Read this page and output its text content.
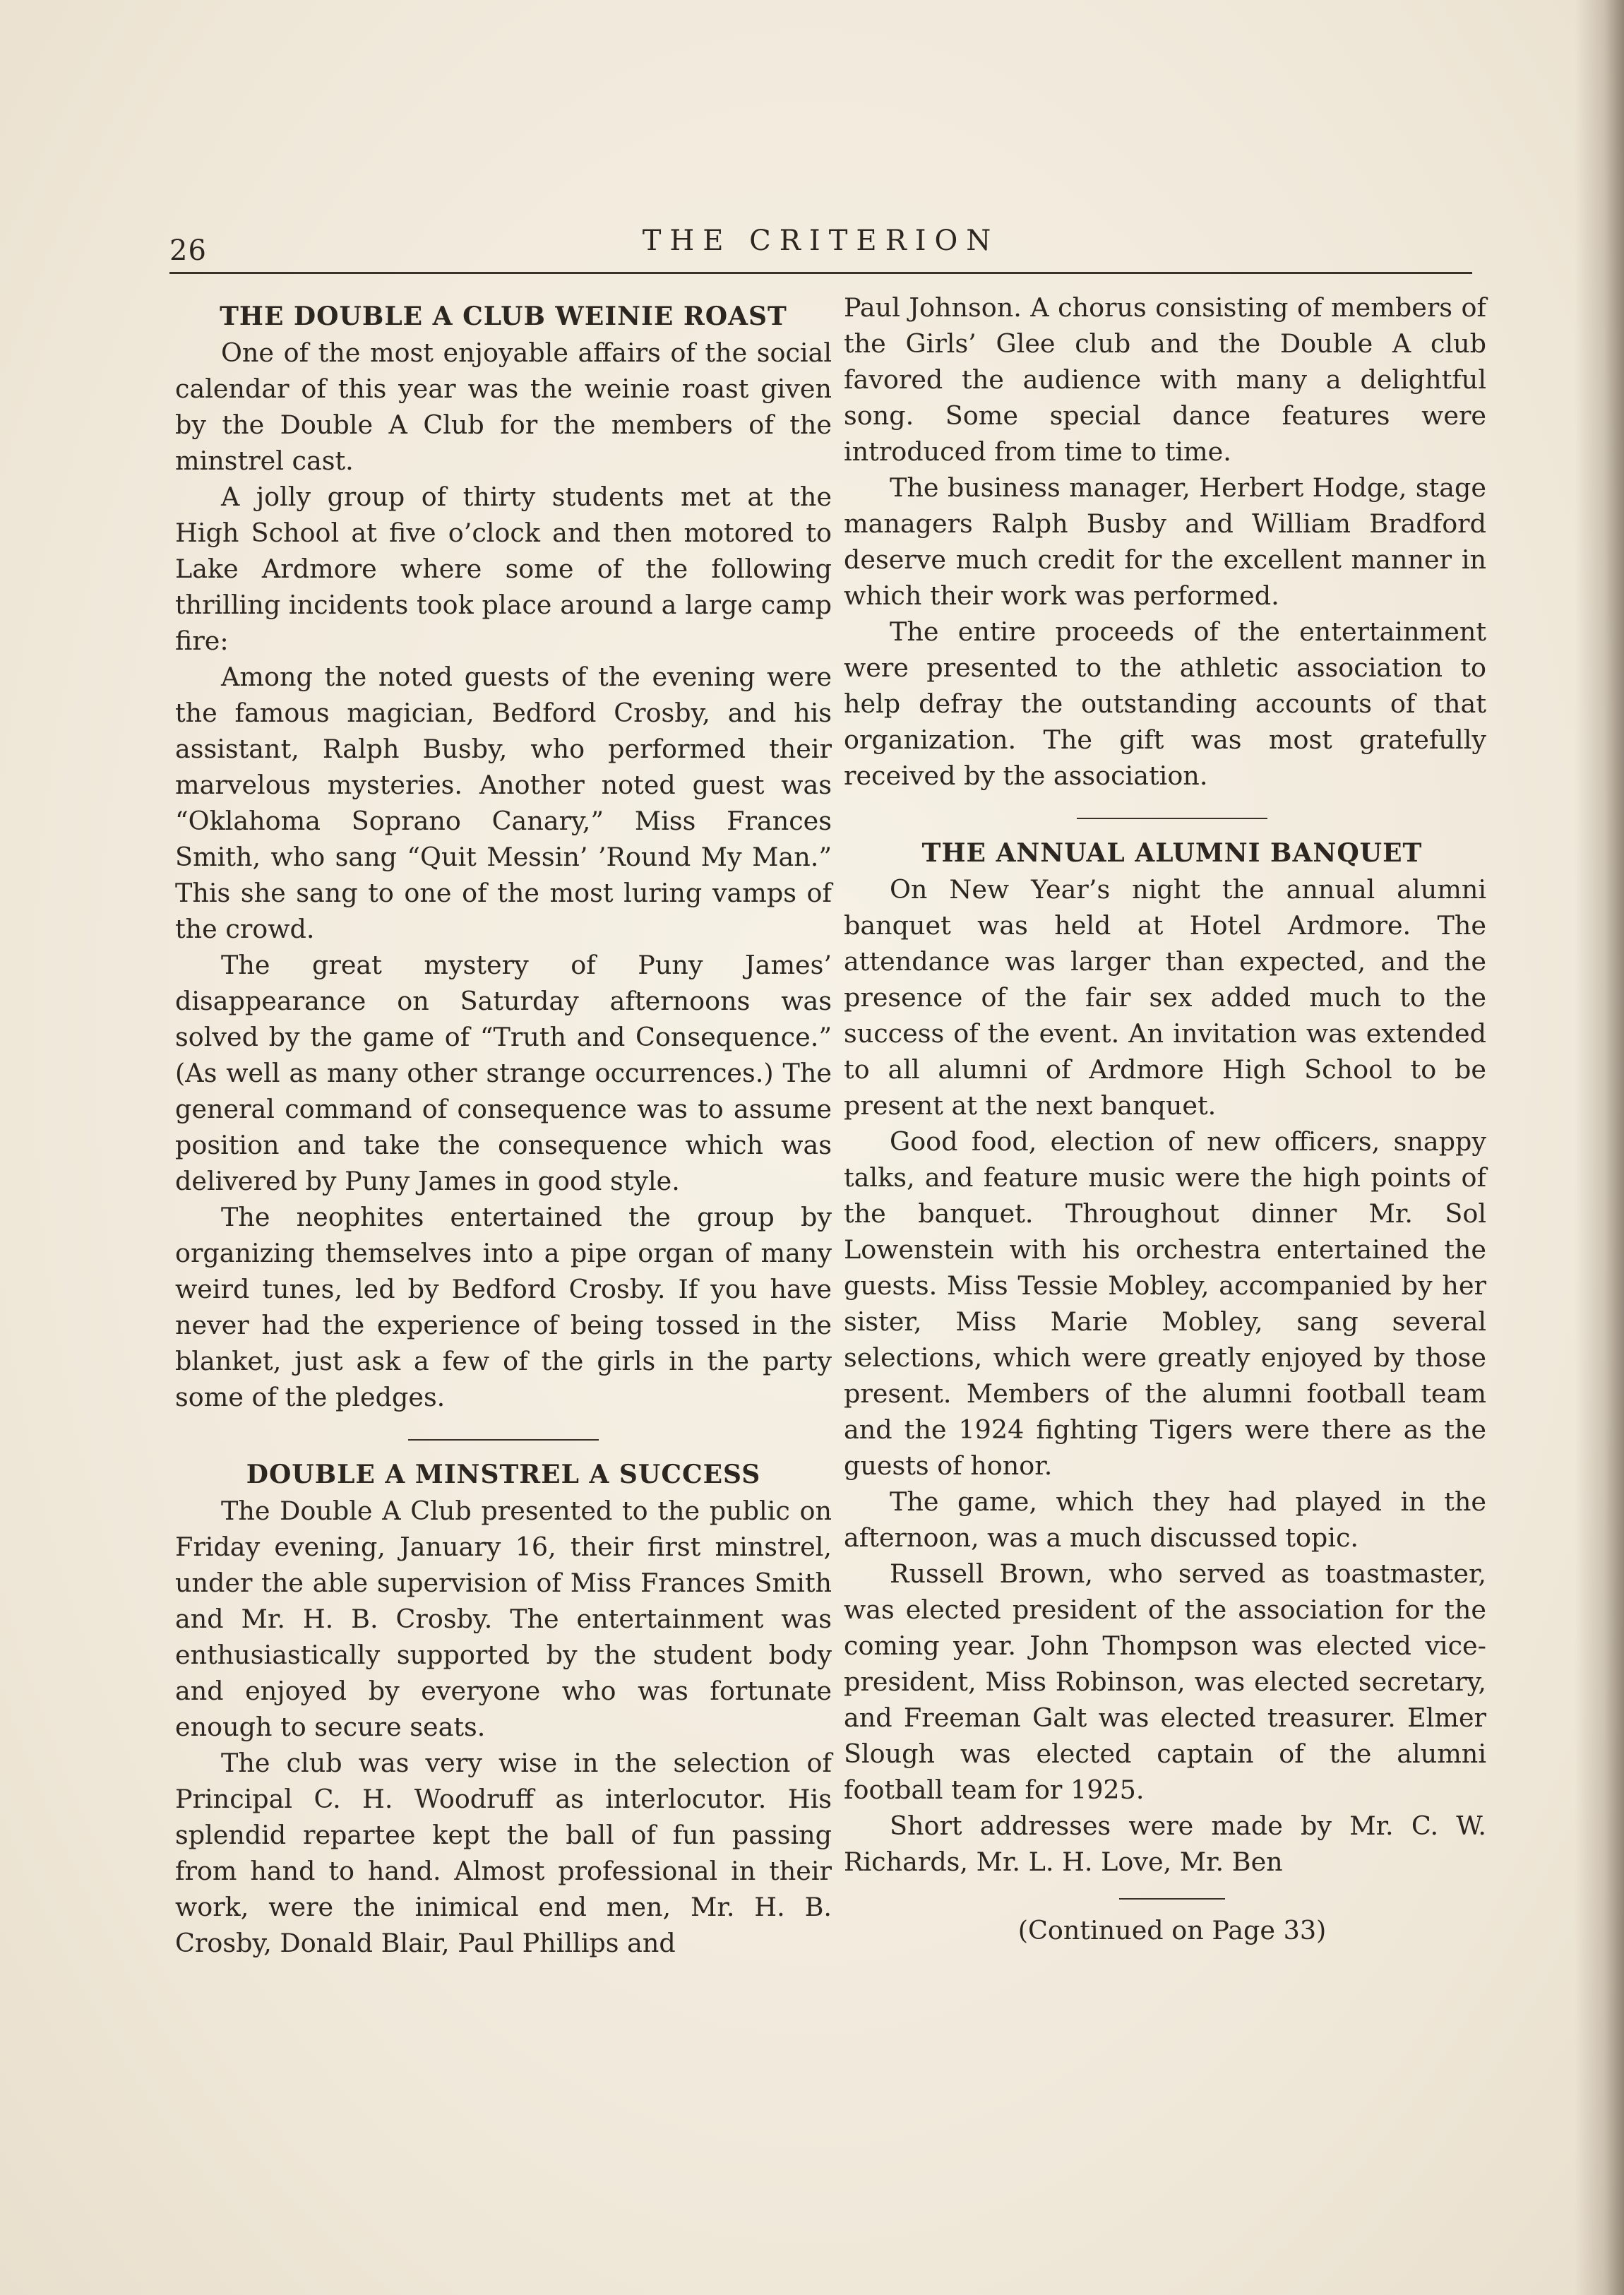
26	THE CRITERION
THE DOUBLE A CLUB WEINIE ROAST

One of the most enjoyable affairs of the social calendar of this year was the weinie roast given by the Double A Club for the members of the minstrel cast.

A jolly group of thirty students met at the High School at five o’clock and then motored to Lake Ardmore where some of the following thrilling incidents took place around a large camp fire:

Among the noted guests of the evening were the famous magician, Bedford Crosby, and his assistant, Ralph Busby, who performed their marvelous mysteries. Another noted guest was “Oklahoma Soprano Canary,” Miss Frances Smith, who sang “Quit Messin’ ’Round My Man.” This she sang to one of the most luring vamps of the crowd.

The great mystery of Puny James’ disappearance on Saturday afternoons was solved by the game of “Truth and Consequence.” (As well as many other strange occurrences.) The general command of consequence was to assume position and take the consequence which was delivered by Puny James in good style.

The neophites entertained the group by organizing themselves into a pipe organ of many weird tunes, led by Bedford Crosby. If you have never had the experience of being tossed in the blanket, just ask a few of the girls in the party some of the pledges.

DOUBLE A MINSTREL A SUCCESS

The Double A Club presented to the public on Friday evening, January 16, their first minstrel, under the able supervision of Miss Frances Smith and Mr. H. B. Crosby. The entertainment was enthusiastically supported by the student body and enjoyed by everyone who was fortunate enough to secure seats.

The club was very wise in the selection of Principal C. H. Woodruff as interlocutor. His splendid repartee kept the ball of fun passing from hand to hand. Almost professional in their work, were the inimical end men, Mr. H. B. Crosby, Donald Blair, Paul Phillips and

Paul Johnson. A chorus consisting of members of the Girls’ Glee club and the Double A club favored the audience with many a delightful song. Some special dance features were introduced from time to time.

The business manager, Herbert Hodge, stage managers Ralph Busby and William Bradford deserve much credit for the excellent manner in which their work was performed.

The entire proceeds of the entertainment were presented to the athletic association to help defray the outstanding accounts of that organization. The gift was most gratefully received by the association.

THE ANNUAL ALUMNI BANQUET

On New Year’s night the annual alumni banquet was held at Hotel Ardmore. The attendance was larger than expected, and the presence of the fair sex added much to the success of the event. An invitation was extended to all alumni of Ardmore High School to be present at the next banquet.

Good food, election of new officers, snappy talks, and feature music were the high points of the banquet. Throughout dinner Mr. Sol Lowenstein with his orchestra entertained the guests. Miss Tessie Mobley, accompanied by her sister, Miss Marie Mobley, sang several selections, which were greatly enjoyed by those present. Members of the alumni football team and the 1924 fighting Tigers were there as the guests of honor.

The game, which they had played in the afternoon, was a much discussed topic.

Russell Brown, who served as toastmaster, was elected president of the association for the coming year. John Thompson was elected vice-president, Miss Robinson, was elected secretary, and Freeman Galt was elected treasurer. Elmer Slough was elected captain of the alumni football team for 1925.

Short addresses were made by Mr. C. W. Richards, Mr. L. H. Love, Mr. Ben

(Continued on Page 33)
